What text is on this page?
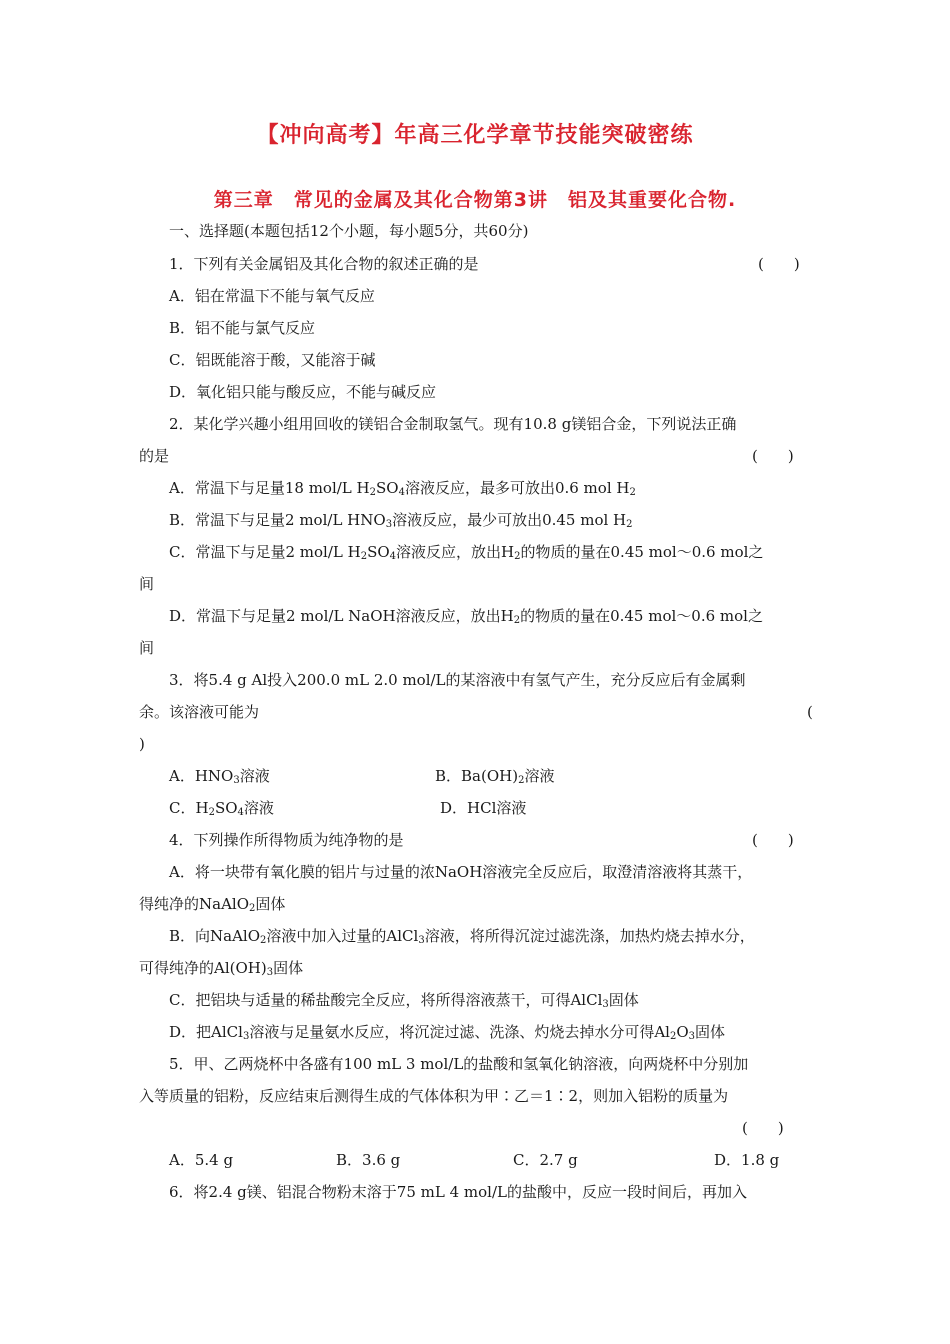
【冲向高考】年高三化学章节技能突破密练
第三章　常见的金属及其化合物第3讲　铝及其重要化合物.
一、选择题(本题包括12个小题，每小题5分，共60分)
1．下列有关金属铝及其化合物的叙述正确的是	(　　)
A．铝在常温下不能与氧气反应
B．铝不能与氯气反应
C．铝既能溶于酸，又能溶于碱
D．氧化铝只能与酸反应，不能与碱反应
2．某化学兴趣小组用回收的镁铝合金制取氢气。现有10.8 g镁铝合金，下列说法正确
的是	(　　)
A．常温下与足量18 mol/L $H_2SO_4$溶液反应，最多可放出0.6 mol $H_2$
B．常温下与足量2 mol/L $HNO_3$溶液反应，最少可放出0.45 mol $H_2$
C．常温下与足量2 mol/L $H_2SO_4$溶液反应，放出$H_2$的物质的量在0.45 mol～0.6 mol之
间
D．常温下与足量2 mol/L NaOH溶液反应，放出$H_2$的物质的量在0.45 mol～0.6 mol之
间
3．将5.4 g Al投入200.0 mL 2.0 mol/L的某溶液中有氢气产生，充分反应后有金属剩
余。该溶液可能为	(
)
A．$HNO_3$溶液	B．$Ba(OH)_2$溶液
C．$H_2SO_4$溶液	D．HCl溶液
4．下列操作所得物质为纯净物的是	(　　)
A．将一块带有氧化膜的铝片与过量的浓NaOH溶液完全反应后，取澄清溶液将其蒸干，
得纯净的NaAlO$_2$固体
B．向NaAlO$_2$溶液中加入过量的AlCl$_3$溶液，将所得沉淀过滤洗涤，加热灼烧去掉水分，
可得纯净的$Al(OH)_3$固体
C．把铝块与适量的稀盐酸完全反应，将所得溶液蒸干，可得AlCl$_3$固体
D．把AlCl$_3$溶液与足量氨水反应，将沉淀过滤、洗涤、灼烧去掉水分可得$Al_2O_3$固体
5．甲、乙两烧杯中各盛有100 mL 3 mol/L的盐酸和氢氧化钠溶液，向两烧杯中分别加
入等质量的铝粉，反应结束后测得生成的气体体积为甲∶乙＝1∶2，则加入铝粉的质量为
(　　)
A．5.4 g	B．3.6 g	C．2.7 g	D．1.8 g
6．将2.4 g镁、铝混合物粉末溶于75 mL 4 mol/L的盐酸中，反应一段时间后，再加入
